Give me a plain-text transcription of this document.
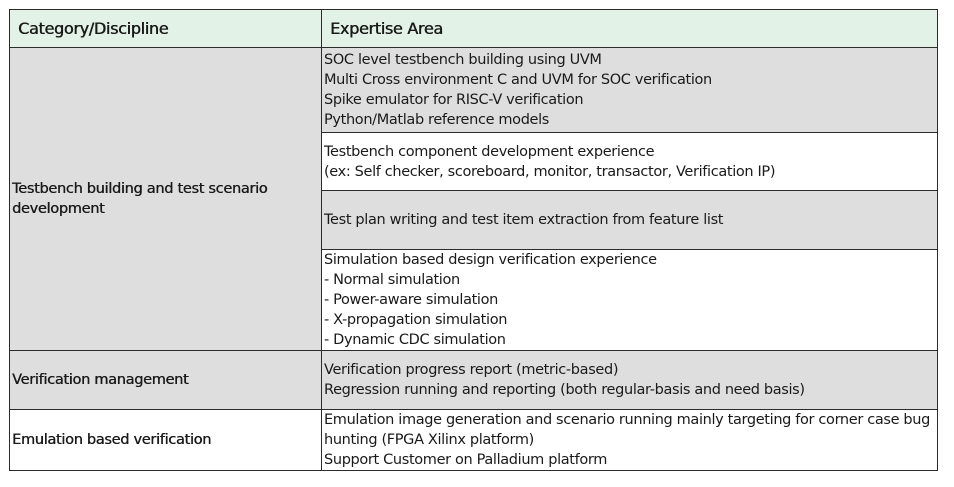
Category/Discipline	Expertise Area
Testbench building and test scenario development	SOC level testbench building using UVM
Multi Cross environment C and UVM for SOC verification
Spike emulator for RISC-V verification
Python/Matlab reference models

	Testbench component development experience
(ex: Self checker, scoreboard, monitor, transactor, Verification IP)

	Test plan writing and test item extraction from feature list

	Simulation based design verification experience
- Normal simulation
- Power-aware simulation
- X-propagation simulation
- Dynamic CDC simulation

Verification management	Verification progress report (metric-based)
Regression running and reporting (both regular-basis and need basis)

Emulation based verification	Emulation image generation and scenario running mainly targeting for corner case bug hunting (FPGA Xilinx platform)
Support Customer on Palladium platform
